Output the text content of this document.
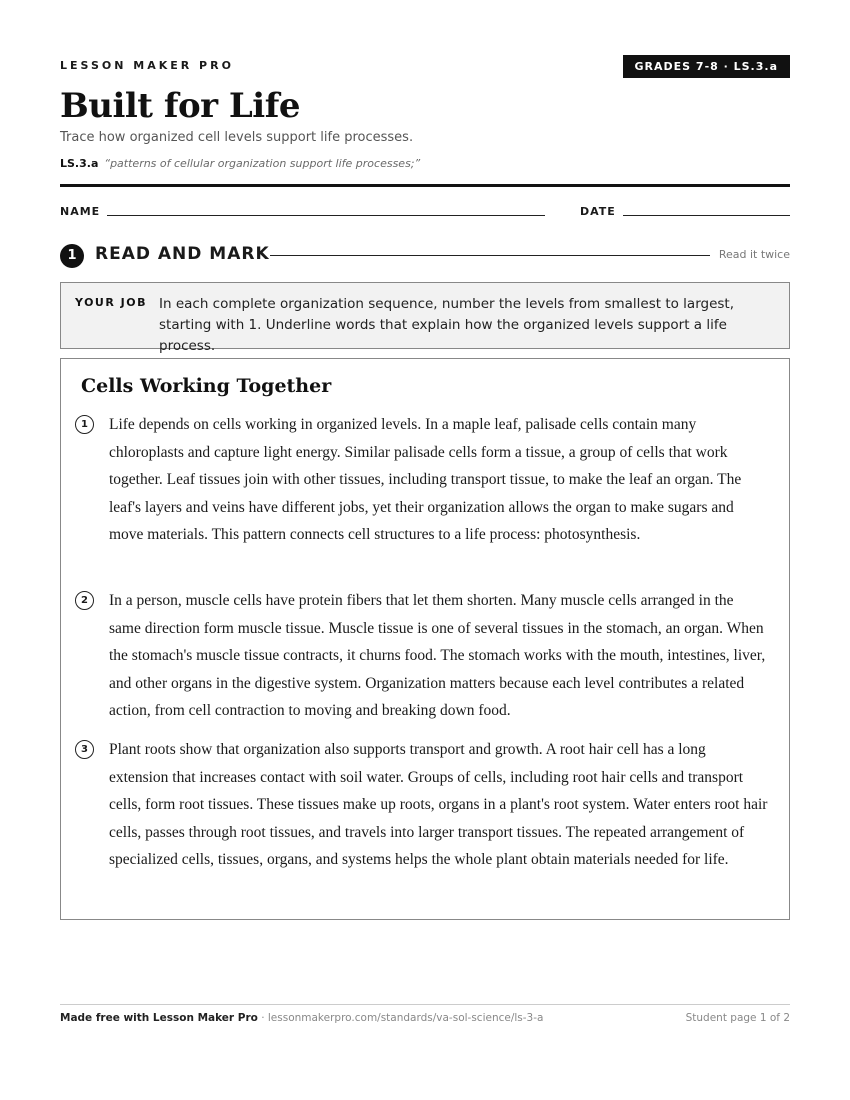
LESSON MAKER PRO	GRADES 7-8 · LS.3.a
Built for Life
Trace how organized cell levels support life processes.
LS.3.a “patterns of cellular organization support life processes;”
NAME	DATE
1	READ AND MARK	Read it twice
YOUR JOB In each complete organization sequence, number the levels from smallest to largest, starting with 1. Underline words that explain how the organized levels support a life process.
Cells Working Together
1	Life depends on cells working in organized levels. In a maple leaf, palisade cells contain many chloroplasts and capture light energy. Similar palisade cells form a tissue, a group of cells that work together. Leaf tissues join with other tissues, including transport tissue, to make the leaf an organ. The leaf's layers and veins have different jobs, yet their organization allows the organ to make sugars and move materials. This pattern connects cell structures to a life process: photosynthesis.
2	In a person, muscle cells have protein fibers that let them shorten. Many muscle cells arranged in the same direction form muscle tissue. Muscle tissue is one of several tissues in the stomach, an organ. When the stomach's muscle tissue contracts, it churns food. The stomach works with the mouth, intestines, liver, and other organs in the digestive system. Organization matters because each level contributes a related action, from cell contraction to moving and breaking down food.
3	Plant roots show that organization also supports transport and growth. A root hair cell has a long extension that increases contact with soil water. Groups of cells, including root hair cells and transport cells, form root tissues. These tissues make up roots, organs in a plant's root system. Water enters root hair cells, passes through root tissues, and travels into larger transport tissues. The repeated arrangement of specialized cells, tissues, organs, and systems helps the whole plant obtain materials needed for life.
Made free with Lesson Maker Pro · lessonmakerpro.com/standards/va-sol-science/ls-3-a	Student page 1 of 2
